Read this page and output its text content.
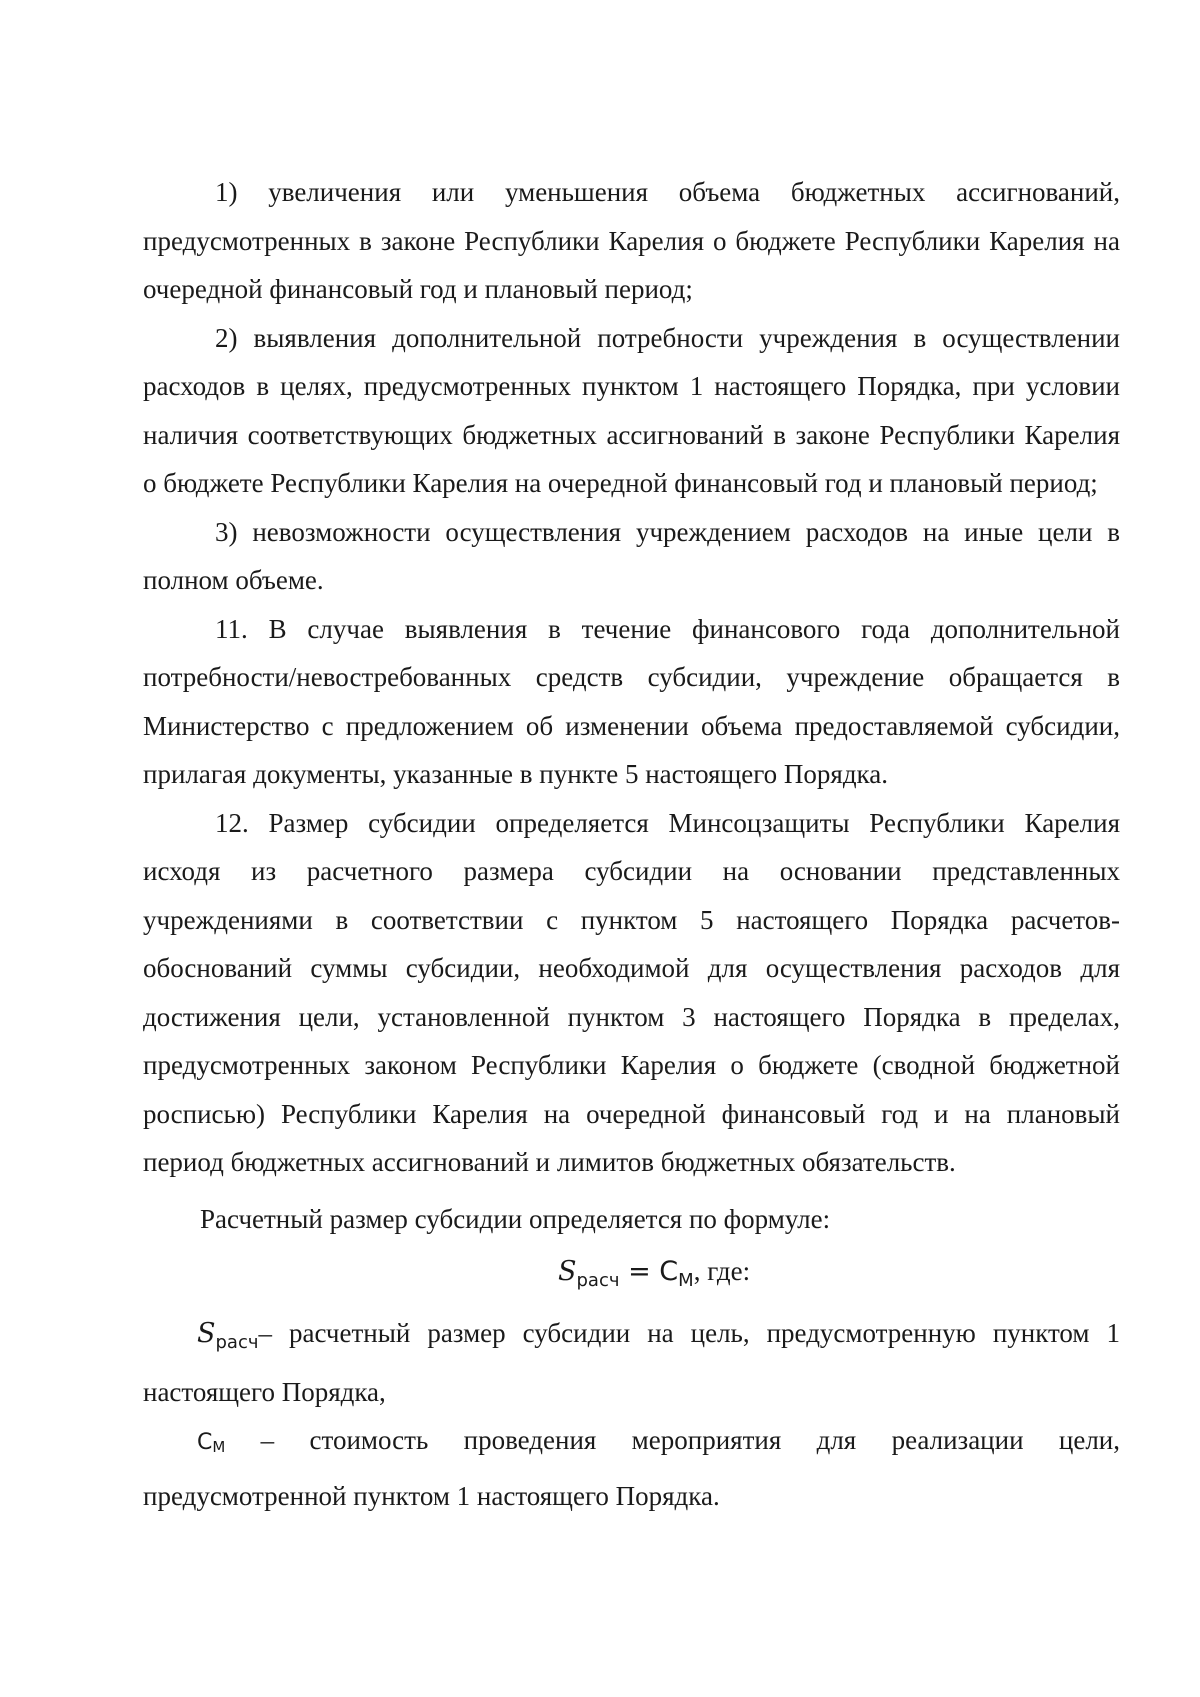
1) увеличения или уменьшения объема бюджетных ассигнований, предусмотренных в законе Республики Карелия о бюджете Республики Карелия на очередной финансовый год и плановый период;

2) выявления дополнительной потребности учреждения в осуществлении расходов в целях, предусмотренных пунктом 1 настоящего Порядка, при условии наличия соответствующих бюджетных ассигнований в законе Республики Карелия о бюджете Республики Карелия на очередной финансовый год и плановый период;

3) невозможности осуществления учреждением расходов на иные цели в полном объеме.

11. В случае выявления в течение финансового года дополнительной потребности/невостребованных средств субсидии, учреждение обращается в Министерство с предложением об изменении объема предоставляемой субсидии, прилагая документы, указанные в пункте 5 настоящего Порядка.

12. Размер субсидии определяется Минсоцзащиты Республики Карелия исходя из расчетного размера субсидии на основании представленных учреждениями в соответствии с пунктом 5 настоящего Порядка расчетов-обоснований суммы субсидии, необходимой для осуществления расходов для достижения цели, установленной пунктом 3 настоящего Порядка в пределах, предусмотренных законом Республики Карелия о бюджете (сводной бюджетной росписью) Республики Карелия на очередной финансовый год и на плановый период бюджетных ассигнований и лимитов бюджетных обязательств.

Расчетный размер субсидии определяется по формуле:

$S_{расч} = C_М$, где:

$S_{расч}-$ расчетный размер субсидии на цель, предусмотренную пунктом 1 настоящего Порядка,

$C_М$ – стоимость проведения мероприятия для реализации цели, предусмотренной пунктом 1 настоящего Порядка.
